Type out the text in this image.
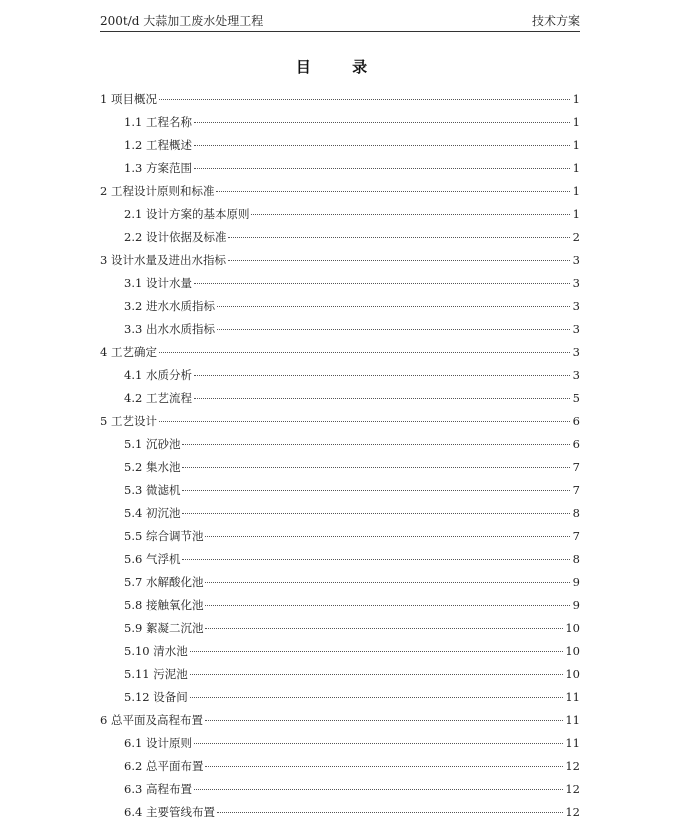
200t/d 大蒜加工废水处理工程	技术方案
目 录
1 项目概况	1
1.1 工程名称	1
1.2 工程概述	1
1.3 方案范围	1
2 工程设计原则和标准	1
2.1 设计方案的基本原则	1
2.2 设计依据及标准	2
3 设计水量及进出水指标	3
3.1 设计水量	3
3.2 进水水质指标	3
3.3 出水水质指标	3
4 工艺确定	3
4.1 水质分析	3
4.2 工艺流程	5
5 工艺设计	6
5.1 沉砂池	6
5.2 集水池	7
5.3 微滤机	7
5.4 初沉池	8
5.5 综合调节池	7
5.6 气浮机	8
5.7 水解酸化池	9
5.8 接触氧化池	9
5.9 絮凝二沉池	10
5.10 清水池	10
5.11 污泥池	10
5.12 设备间	11
6 总平面及高程布置	11
6.1 设计原则	11
6.2 总平面布置	12
6.3 高程布置	12
6.4 主要管线布置	12
